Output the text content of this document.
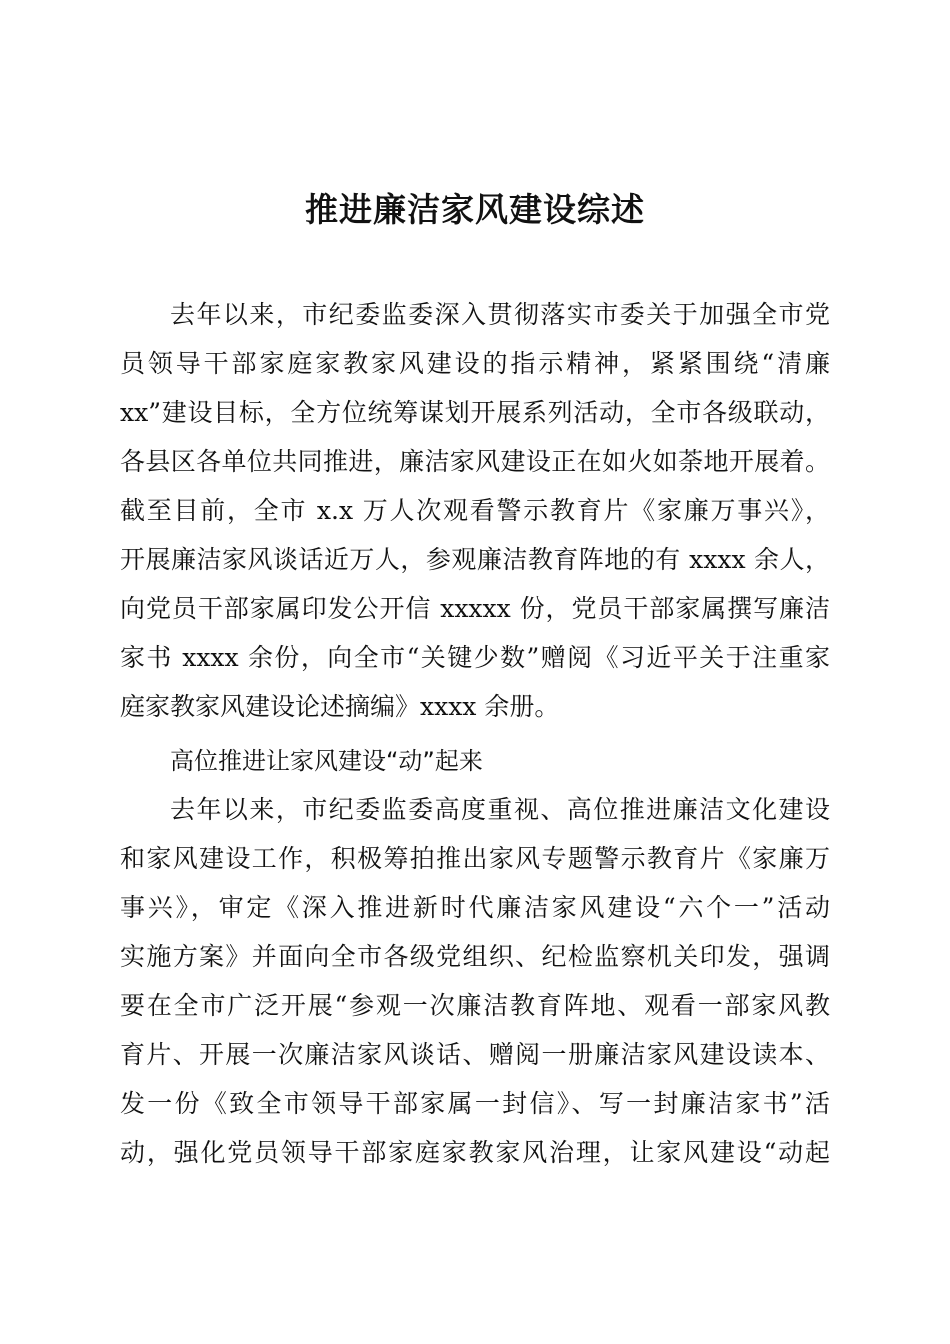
推进廉洁家风建设综述
去年以来，市纪委监委深入贯彻落实市委关于加强全市党
员领导干部家庭家教家风建设的指示精神，紧紧围绕“清廉
xx”建设目标，全方位统筹谋划开展系列活动，全市各级联动，
各县区各单位共同推进，廉洁家风建设正在如火如荼地开展着。
截至目前，全市 x.x 万人次观看警示教育片《家廉万事兴》，
开展廉洁家风谈话近万人，参观廉洁教育阵地的有 xxxx 余人，
向党员干部家属印发公开信 xxxxx 份，党员干部家属撰写廉洁
家书 xxxx 余份，向全市“关键少数”赠阅《习近平关于注重家
庭家教家风建设论述摘编》xxxx 余册。
高位推进让家风建设“动”起来
去年以来，市纪委监委高度重视、高位推进廉洁文化建设
和家风建设工作，积极筹拍推出家风专题警示教育片《家廉万
事兴》，审定《深入推进新时代廉洁家风建设“六个一”活动
实施方案》并面向全市各级党组织、纪检监察机关印发，强调
要在全市广泛开展“参观一次廉洁教育阵地、观看一部家风教
育片、开展一次廉洁家风谈话、赠阅一册廉洁家风建设读本、
发一份《致全市领导干部家属一封信》、写一封廉洁家书”活
动，强化党员领导干部家庭家教家风治理，让家风建设“动起
